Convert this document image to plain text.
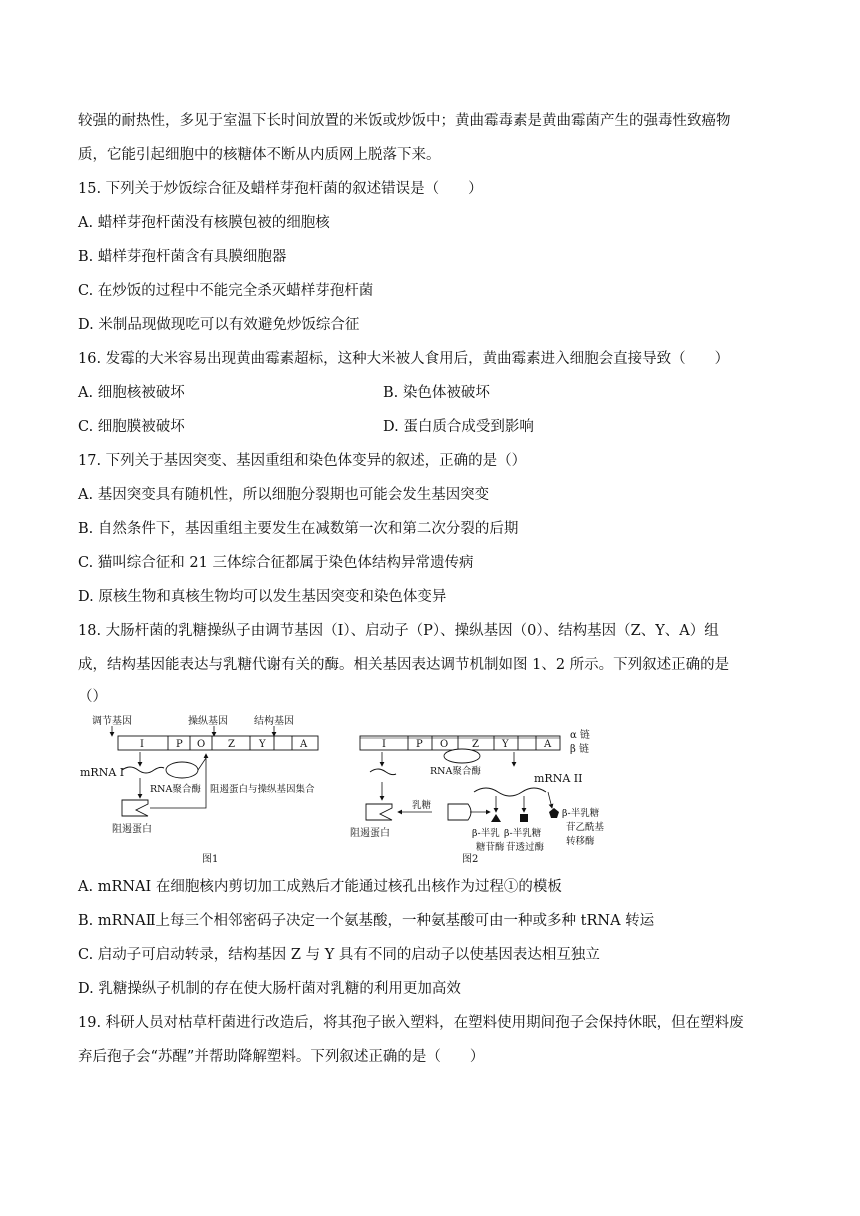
较强的耐热性，多见于室温下长时间放置的米饭或炒饭中；黄曲霉毒素是黄曲霉菌产生的强毒性致癌物
质，它能引起细胞中的核糖体不断从内质网上脱落下来。
15. 下列关于炒饭综合征及蜡样芽孢杆菌的叙述错误是（　　）
A. 蜡样芽孢杆菌没有核膜包被的细胞核
B. 蜡样芽孢杆菌含有具膜细胞器
C. 在炒饭的过程中不能完全杀灭蜡样芽孢杆菌
D. 米制品现做现吃可以有效避免炒饭综合征
16. 发霉的大米容易出现黄曲霉素超标，这种大米被人食用后，黄曲霉素进入细胞会直接导致（　　）
A. 细胞核被破坏	B. 染色体被破坏
C. 细胞膜被破坏	D. 蛋白质合成受到影响
17. 下列关于基因突变、基因重组和染色体变异的叙述，正确的是（）
A. 基因突变具有随机性，所以细胞分裂期也可能会发生基因突变
B. 自然条件下，基因重组主要发生在减数第一次和第二次分裂的后期
C. 猫叫综合征和 21 三体综合征都属于染色体结构异常遗传病
D. 原核生物和真核生物均可以发生基因突变和染色体变异
18. 大肠杆菌的乳糖操纵子由调节基因（I）、启动子（P）、操纵基因（0）、结构基因（Z、Y、A）组
成，结构基因能表达与乳糖代谢有关的酶。相关基因表达调节机制如图 1、2 所示。下列叙述正确的是
（）
调节基因	操纵基因	结构基因
I	P O Z Y	A
mRNA I
RNA聚合酶
阻遏蛋白
阻遏蛋白与操纵基因集合
图1
I	P O Z Y	A
α 链
β 链
RNA聚合酶
mRNA II
阻遏蛋白
乳糖
β-半乳
糖苷酶
β-半乳糖
苷透过酶
β-半乳糖
苷乙酰基
转移酶
图2
A. mRNAI 在细胞核内剪切加工成熟后才能通过核孔出核作为过程①的模板
B. mRNAⅡ上每三个相邻密码子决定一个氨基酸，一种氨基酸可由一种或多种 tRNA 转运
C. 启动子可启动转录，结构基因 Z 与 Y 具有不同的启动子以使基因表达相互独立
D. 乳糖操纵子机制的存在使大肠杆菌对乳糖的利用更加高效
19. 科研人员对枯草杆菌进行改造后，将其孢子嵌入塑料，在塑料使用期间孢子会保持休眠，但在塑料废
弃后孢子会“苏醒”并帮助降解塑料。下列叙述正确的是（　　）
